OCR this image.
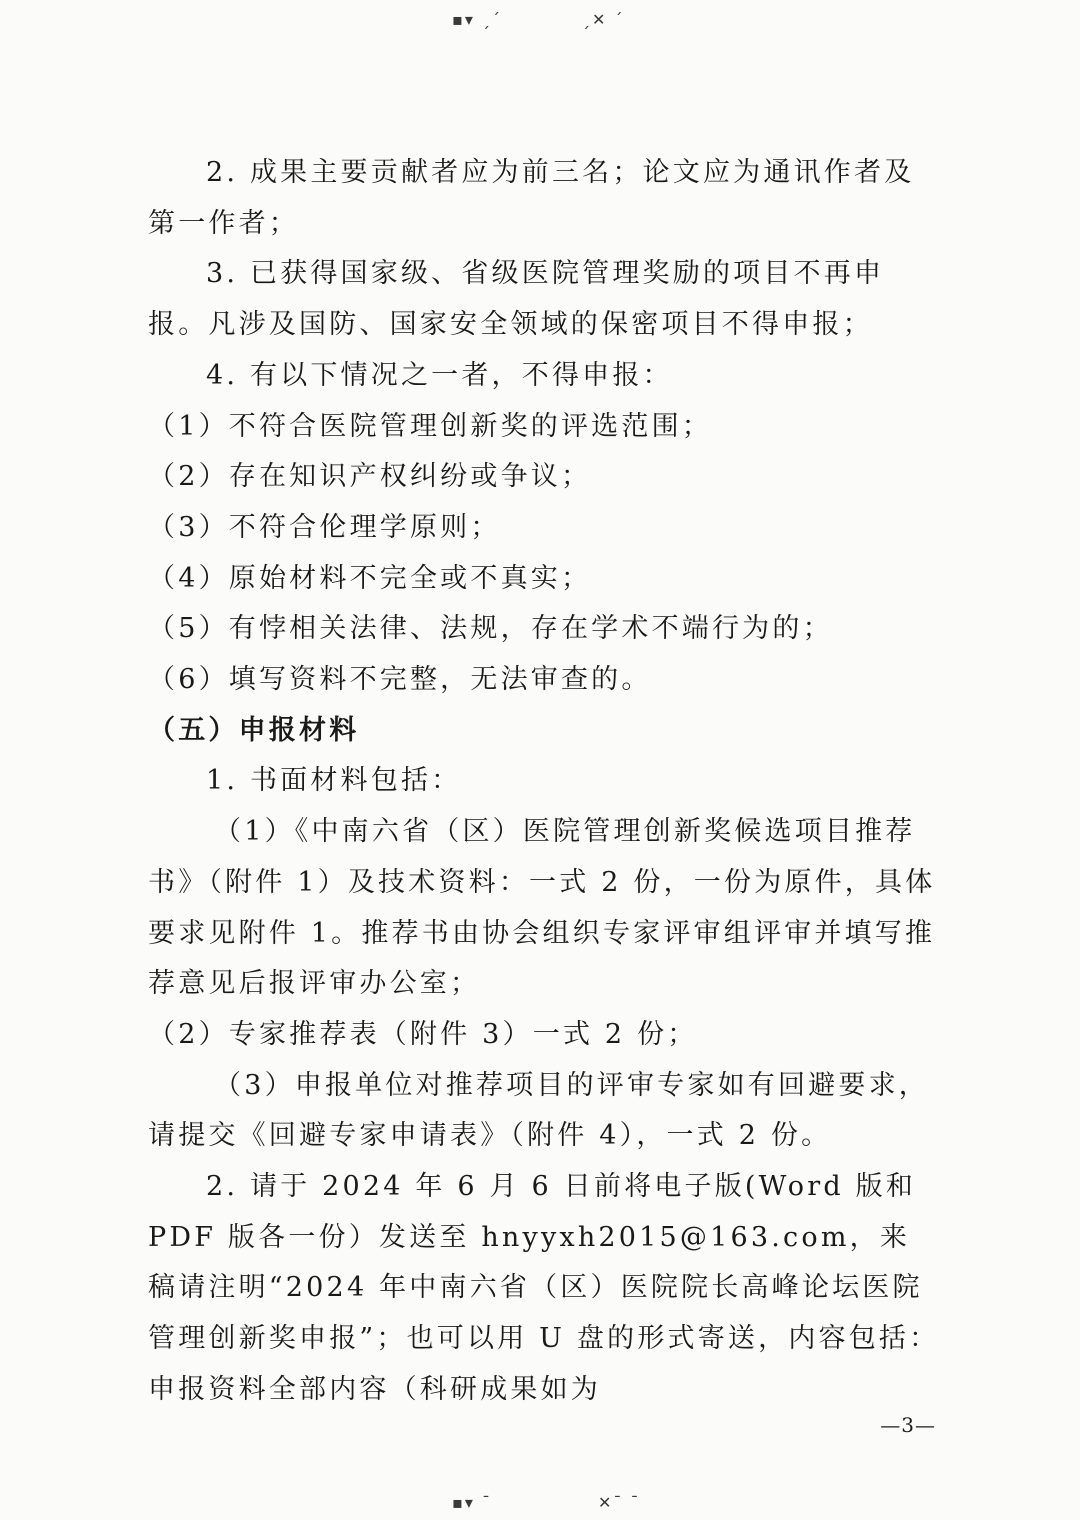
▪▾ ˏˊ	ˏ✕ ˊ

2. 成果主要贡献者应为前三名；论文应为通讯作者及第一作者；

3. 已获得国家级、省级医院管理奖励的项目不再申报。凡涉及国防、国家安全领域的保密项目不得申报；

4. 有以下情况之一者，不得申报：

（1）不符合医院管理创新奖的评选范围；

（2）存在知识产权纠纷或争议；

（3）不符合伦理学原则；

（4）原始材料不完全或不真实；

（5）有悖相关法律、法规，存在学术不端行为的；

（6）填写资料不完整，无法审查的。

（五）申报材料

1. 书面材料包括：

（1）《中南六省（区）医院管理创新奖候选项目推荐书》（附件 1）及技术资料：一式 2 份，一份为原件，具体要求见附件 1。推荐书由协会组织专家评审组评审并填写推荐意见后报评审办公室；

（2）专家推荐表（附件 3）一式 2 份；

（3）申报单位对推荐项目的评审专家如有回避要求，请提交《回避专家申请表》（附件 4），一式 2 份。

2. 请于 2024 年 6 月 6 日前将电子版(Word 版和 PDF 版各一份）发送至 hnyyxh2015@163.com，来稿请注明“2024 年中南六省（区）医院院长高峰论坛医院管理创新奖申报”；也可以用 U 盘的形式寄送，内容包括：申报资料全部内容（科研成果如为

—3—
▪▾ ˉ	✕ˉ ˉ
